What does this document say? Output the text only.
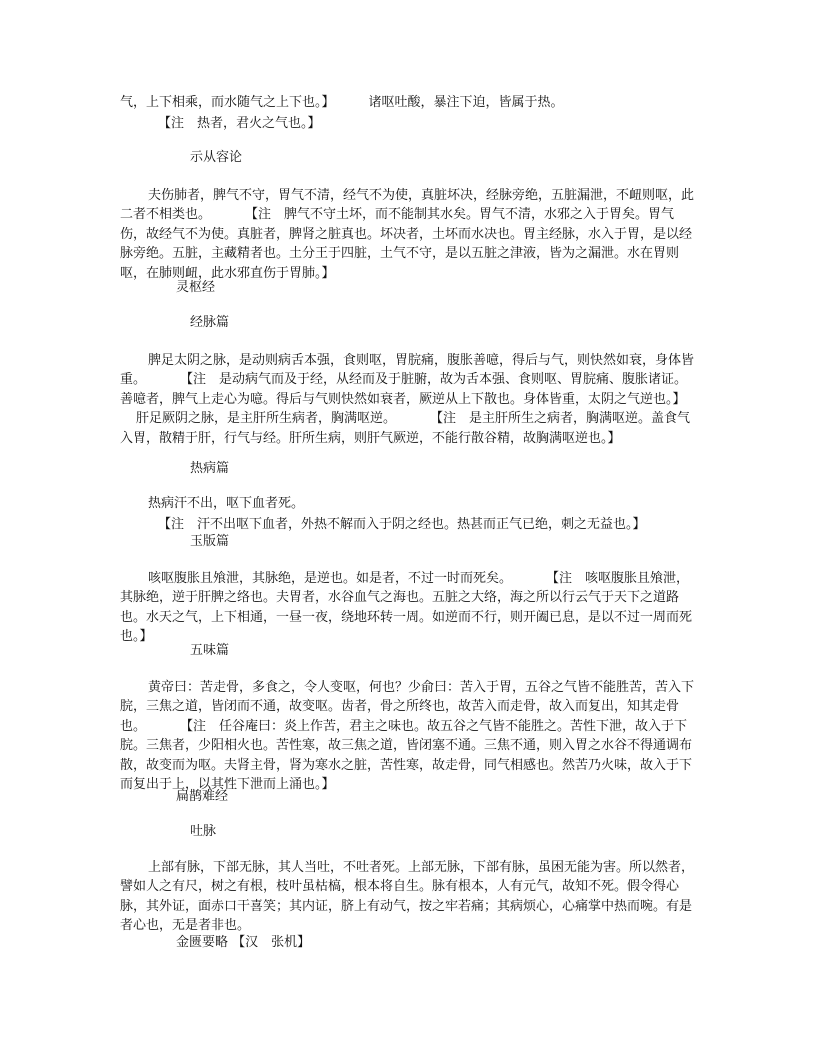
气，上下相乘，而水随气之上下也。】	诸呕吐酸，暴注下迫，皆属于热。

【注　热者，君火之气也。】

示从容论

夫伤肺者，脾气不守，胃气不清，经气不为使，真脏坏决，经脉旁绝，五脏漏泄，不衄则呕，此二者不相类也。	【注　脾气不守土坏，而不能制其水矣。胃气不清，水邪之入于胃矣。胃气伤，故经气不为使。真脏者，脾肾之脏真也。坏决者，土坏而水决也。胃主经脉，水入于胃，是以经脉旁绝。五脏，主藏精者也。土分王于四脏，土气不守，是以五脏之津液，皆为之漏泄。水在胃则呕，在肺则衄，此水邪直伤于胃肺。】

灵枢经

经脉篇

脾足太阴之脉，是动则病舌本强，食则呕，胃脘痛，腹胀善噫，得后与气，则快然如衰，身体皆重。	【注　是动病气而及于经，从经而及于脏腑，故为舌本强、食则呕、胃脘痛、腹胀诸证。善噫者，脾气上走心为噫。得后与气则快然如衰者，厥逆从上下散也。身体皆重，太阴之气逆也。】肝足厥阴之脉，是主肝所生病者，胸满呕逆。	【注　是主肝所生之病者，胸满呕逆。盖食气入胃，散精于肝，行气与经。肝所生病，则肝气厥逆，不能行散谷精，故胸满呕逆也。】

热病篇

热病汗不出，呕下血者死。

【注　汗不出呕下血者，外热不解而入于阴之经也。热甚而正气已绝，刺之无益也。】

玉版篇

咳呕腹胀且飧泄，其脉绝，是逆也。如是者，不过一时而死矣。	【注　咳呕腹胀且飧泄，其脉绝，逆于肝脾之络也。夫胃者，水谷血气之海也。五脏之大络，海之所以行云气于天下之道路也。水天之气，上下相通，一昼一夜，绕地环转一周。如逆而不行，则开阖已息，是以不过一周而死也。】

五味篇

黄帝曰：苦走骨，多食之，令人变呕，何也？少俞曰：苦入于胃，五谷之气皆不能胜苦，苦入下脘，三焦之道，皆闭而不通，故变呕。齿者，骨之所终也，故苦入而走骨，故入而复出，知其走骨也。	【注　任谷庵曰：炎上作苦，君主之味也。故五谷之气皆不能胜之。苦性下泄，故入于下脘。三焦者，少阳相火也。苦性寒，故三焦之道，皆闭塞不通。三焦不通，则入胃之水谷不得通调布散，故变而为呕。夫肾主骨，肾为寒水之脏，苦性寒，故走骨，同气相感也。然苦乃火味，故入于下而复出于上，以其性下泄而上涌也。】

扁鹊难经

吐脉

上部有脉，下部无脉，其人当吐，不吐者死。上部无脉，下部有脉，虽困无能为害。所以然者，譬如人之有尺，树之有根，枝叶虽枯槁，根本将自生。脉有根本，人有元气，故知不死。假令得心脉，其外证，面赤口干喜笑；其内证，脐上有动气，按之牢若痛；其病烦心，心痛掌中热而啘。有是者心也，无是者非也。

金匮要略 【汉　张机】
